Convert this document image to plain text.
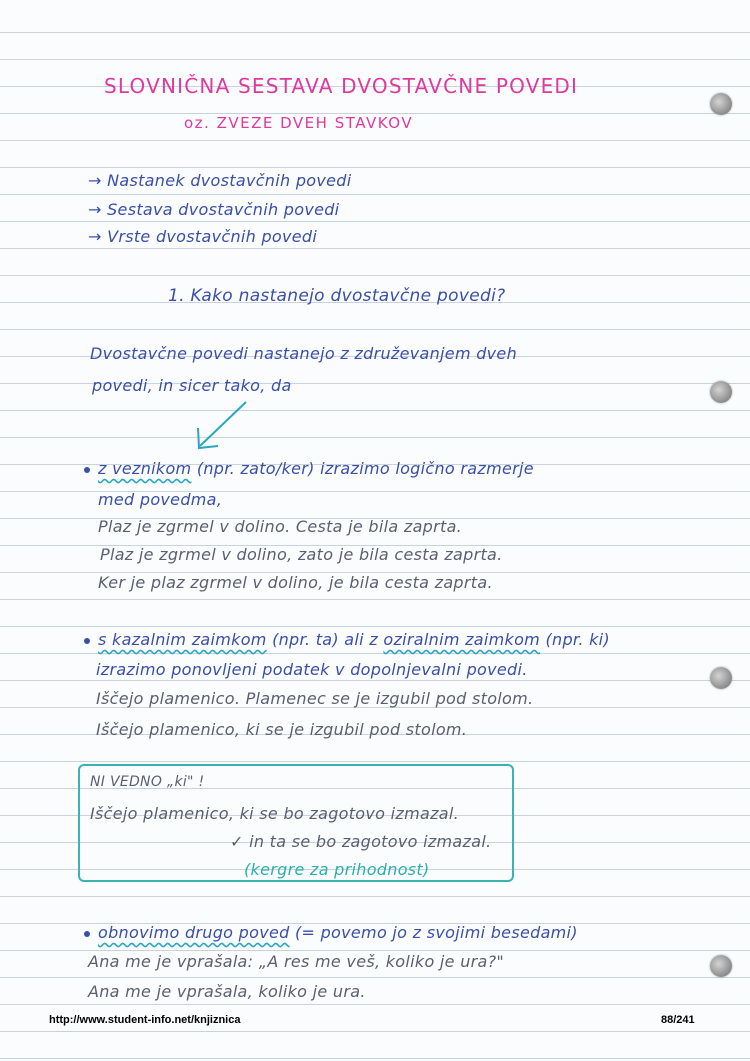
SLOVNIČNA SESTAVA DVOSTAVČNE POVEDI
oz. ZVEZE DVEH STAVKOV
→ Nastanek dvostavčnih povedi
→ Sestava dvostavčnih povedi
→ Vrste dvostavčnih povedi
1. Kako nastanejo dvostavčne povedi?
Dvostavčne povedi nastanejo z združevanjem dveh
povedi, in sicer tako, da
z veznikom (npr. zato/ker) izrazimo logično razmerje
med povedma,
Plaz je zgrmel v dolino. Cesta je bila zaprta.
Plaz je zgrmel v dolino, zato je bila cesta zaprta.
Ker je plaz zgrmel v dolino, je bila cesta zaprta.
s kazalnim zaimkom (npr. ta) ali z oziralnim zaimkom (npr. ki)
izrazimo ponovljeni podatek v dopolnjevalni povedi.
Iščejo plamenico. Plamenec se je izgubil pod stolom.
Iščejo plamenico, ki se je izgubil pod stolom.
NI VEDNO „ki" !
Iščejo plamenico, ki se bo zagotovo izmazal.
✓ in ta se bo zagotovo izmazal.
(kergre za prihodnost)
obnovimo drugo poved (= povemo jo z svojimi besedami)
Ana me je vprašala: „A res me veš, koliko je ura?"
Ana me je vprašala, koliko je ura.
http://www.student-info.net/knjiznica	88/241
